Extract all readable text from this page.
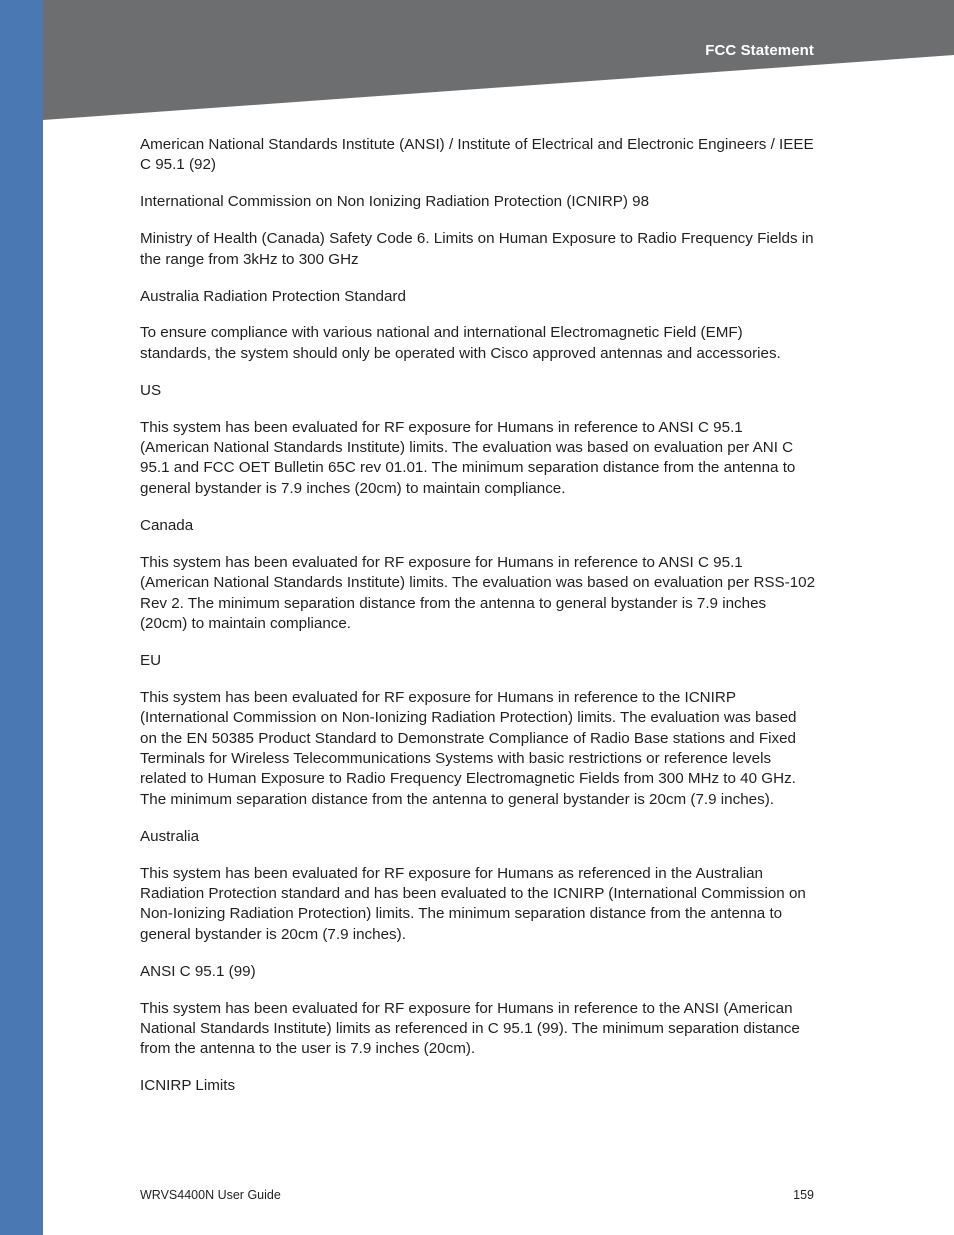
FCC Statement

American National Standards Institute (ANSI) / Institute of Electrical and Electronic Engineers / IEEE C 95.1 (92)

International Commission on Non Ionizing Radiation Protection (ICNIRP) 98

Ministry of Health (Canada) Safety Code 6. Limits on Human Exposure to Radio Frequency Fields in the range from 3kHz to 300 GHz

Australia Radiation Protection Standard

To ensure compliance with various national and international Electromagnetic Field (EMF) standards, the system should only be operated with Cisco approved antennas and accessories.

US

This system has been evaluated for RF exposure for Humans in reference to ANSI C 95.1 (American National Standards Institute) limits. The evaluation was based on evaluation per ANI C 95.1 and FCC OET Bulletin 65C rev 01.01. The minimum separation distance from the antenna to general bystander is 7.9 inches (20cm) to maintain compliance.

Canada

This system has been evaluated for RF exposure for Humans in reference to ANSI C 95.1 (American National Standards Institute) limits. The evaluation was based on evaluation per RSS-102 Rev 2. The minimum separation distance from the antenna to general bystander is 7.9 inches (20cm) to maintain compliance.

EU

This system has been evaluated for RF exposure for Humans in reference to the ICNIRP (International Commission on Non-Ionizing Radiation Protection) limits. The evaluation was based on the EN 50385 Product Standard to Demonstrate Compliance of Radio Base stations and Fixed Terminals for Wireless Telecommunications Systems with basic restrictions or reference levels related to Human Exposure to Radio Frequency Electromagnetic Fields from 300 MHz to 40 GHz. The minimum separation distance from the antenna to general bystander is 20cm (7.9 inches).

Australia

This system has been evaluated for RF exposure for Humans as referenced in the Australian Radiation Protection standard and has been evaluated to the ICNIRP (International Commission on Non-Ionizing Radiation Protection) limits. The minimum separation distance from the antenna to general bystander is 20cm (7.9 inches).

ANSI C 95.1 (99)

This system has been evaluated for RF exposure for Humans in reference to the ANSI (American National Standards Institute) limits as referenced in C 95.1 (99). The minimum separation distance from the antenna to the user is 7.9 inches (20cm).

ICNIRP Limits

WRVS4400N User Guide	159
